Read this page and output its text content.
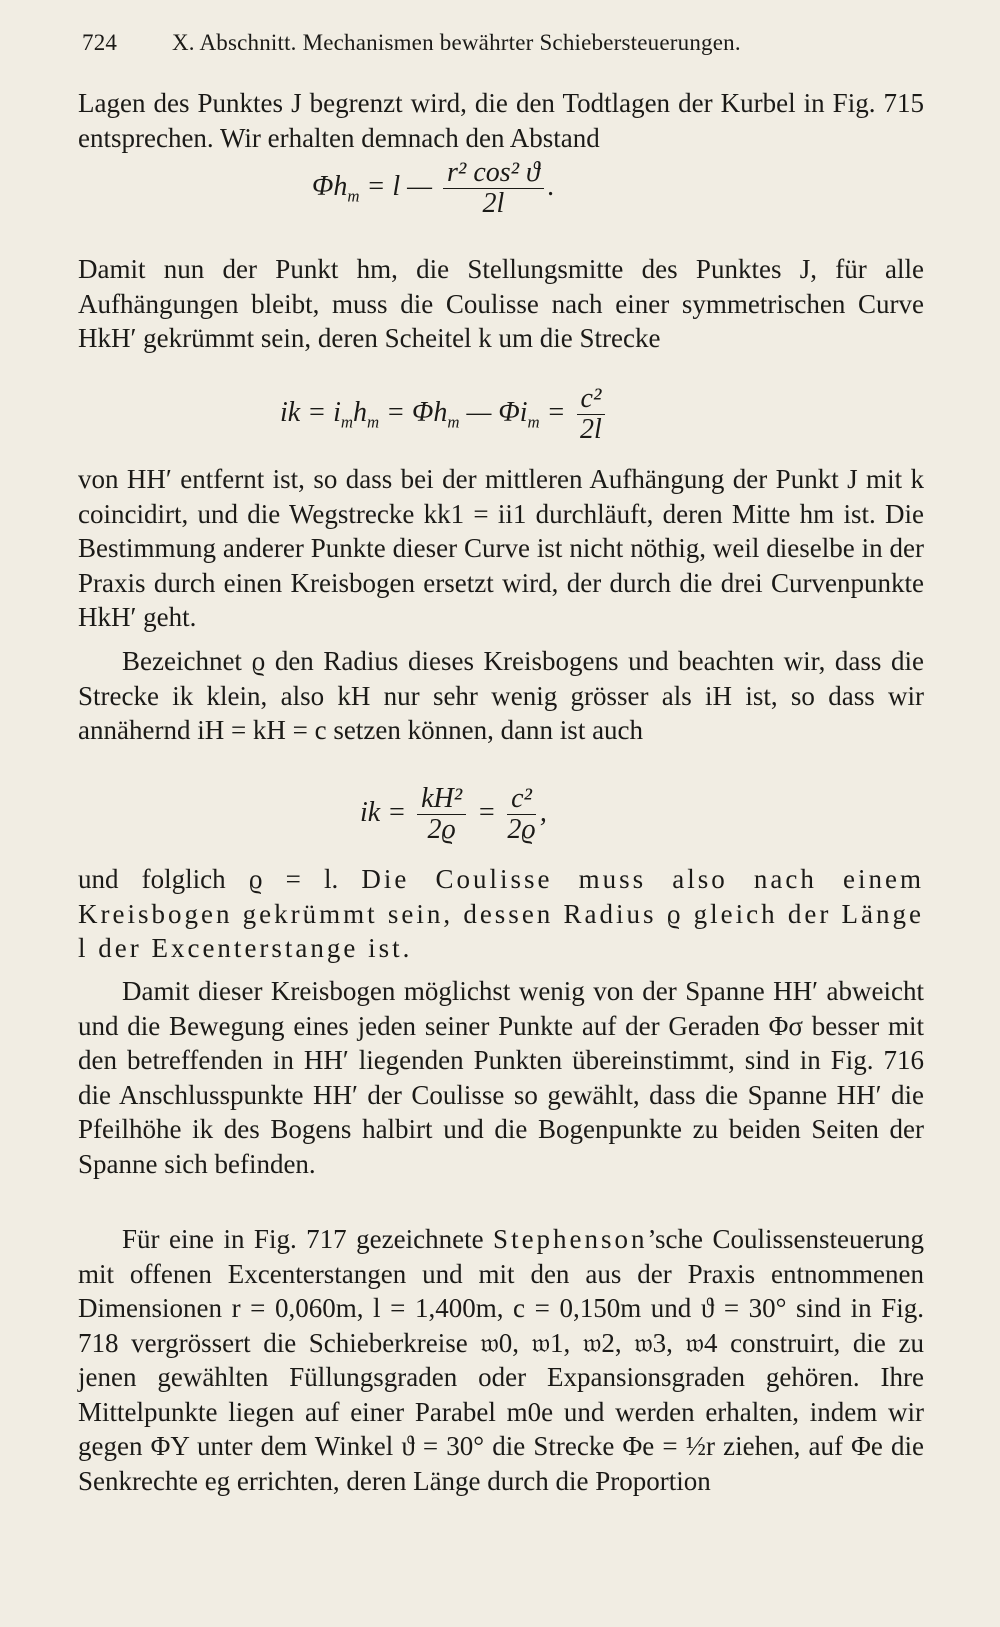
724 X. Abschnitt. Mechanismen bewährter Schiebersteuerungen.

Lagen des Punktes J begrenzt wird, die den Todtlagen der Kurbel in Fig. 715 entsprechen. Wir erhalten demnach den Abstand

$\Phi h_m = l$ — $\frac{\text{r² cos² ϑ}}{2l}$ .

Damit nun der Punkt hm, die Stellungsmitte des Punktes J, für alle Aufhängungen bleibt, muss die Coulisse nach einer symmetrischen Curve HkH′ gekrümmt sein, deren Scheitel k um die Strecke

ik = $i_mh_m = \Phi h_m$ — $\Phi i_m = \frac{\text{c²}}{2l}$

von HH′ entfernt ist, so dass bei der mittleren Aufhängung der Punkt J mit k coincidirt, und die Wegstrecke kk1 = ii1 durchläuft, deren Mitte hm ist. Die Bestimmung anderer Punkte dieser Curve ist nicht nöthig, weil dieselbe in der Praxis durch einen Kreisbogen ersetzt wird, der durch die drei Curvenpunkte HkH′ geht.

Bezeichnet ϱ den Radius dieses Kreisbogens und beachten wir, dass die Strecke ik klein, also kH nur sehr wenig grösser als iH ist, so dass wir annähernd iH = kH = c setzen können, dann ist auch

ik = $\frac{\text{kH²}}{2ϱ} = \frac{\text{c²}}{2ϱ}$ ,

und folglich ϱ = l. Die Coulisse muss also nach einem Kreisbogen gekrümmt sein, dessen Radius ϱ gleich der Länge l der Excenterstange ist.

Damit dieser Kreisbogen möglichst wenig von der Spanne HH′ abweicht und die Bewegung eines jeden seiner Punkte auf der Geraden Φσ besser mit den betreffenden in HH′ liegenden Punkten übereinstimmt, sind in Fig. 716 die Anschlusspunkte HH′ der Coulisse so gewählt, dass die Spanne HH′ die Pfeilhöhe ik des Bogens halbirt und die Bogenpunkte zu beiden Seiten der Spanne sich befinden.

Für eine in Fig. 717 gezeichnete Stephenson’sche Coulissensteuerung mit offenen Excenterstangen und mit den aus der Praxis entnommenen Dimensionen r = 0,060m, l = 1,400m, c = 0,150m und ϑ = 30° sind in Fig. 718 vergrössert die Schieberkreise 𝔴0, 𝔴1, 𝔴2, 𝔴3, 𝔴4 construirt, die zu jenen gewählten Füllungsgraden oder Expansionsgraden gehören. Ihre Mittelpunkte liegen auf einer Parabel m0e und werden erhalten, indem wir gegen ΦY unter dem Winkel ϑ = 30° die Strecke Φe = ½r ziehen, auf Φe die Senkrechte eg errichten, deren Länge durch die Proportion
